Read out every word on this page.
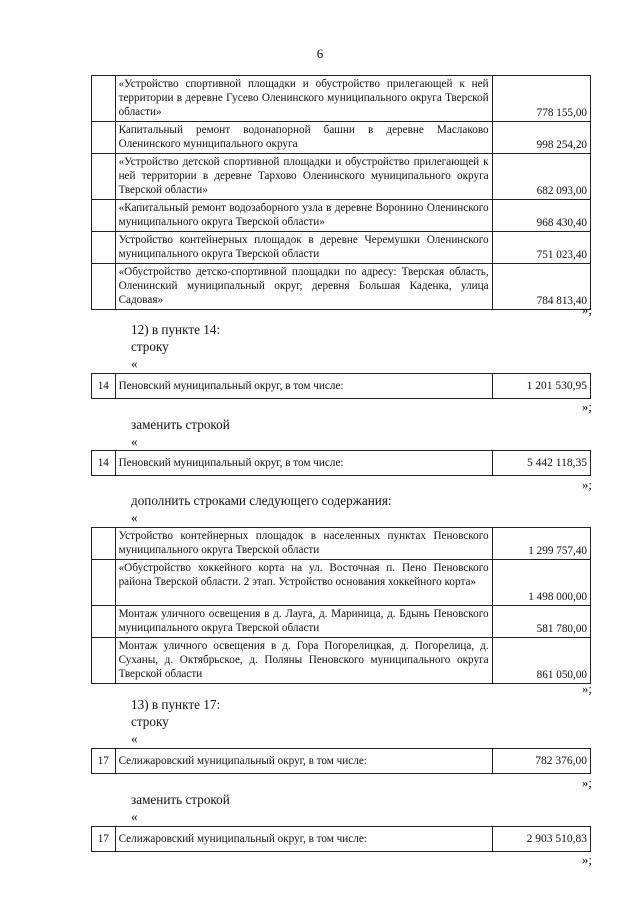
6
	«Устройство спортивной площадки и обустройство прилегающей к ней территории в деревне Гусево Оленинского муниципального округа Тверской области»	778 155,00
	Капитальный ремонт водонапорной башни в деревне Маслаково Оленинского муниципального округа	998 254,20
	«Устройство детской спортивной площадки и обустройство прилегающей к ней территории в деревне Тархово Оленинского муниципального округа Тверской области»	682 093,00
	«Капитальный ремонт водозаборного узла в деревне Воронино Оленинского муниципального округа Тверской области»	968 430,40
	Устройство контейнерных площадок в деревне Черемушки Оленинского муниципального округа Тверской области	751 023,40
	«Обустройство детско-спортивной площадки по адресу: Тверская область, Оленинский муниципальный округ, деревня Большая Каденка, улица Садовая»	784 813,40
»;
12) в пункте 14:
строку
«
14	Пеновский муниципальный округ, в том числе:	1 201 530,95
»;
заменить строкой
«
14	Пеновский муниципальный округ, в том числе:	5 442 118,35
»;
дополнить строками следующего содержания:
«
	Устройство контейнерных площадок в населенных пунктах Пеновского муниципального округа Тверской области	1 299 757,40
	«Обустройство хоккейного корта на ул. Восточная п. Пено Пеновского района Тверской области. 2 этап. Устройство основания хоккейного корта»	1 498 000,00
	Монтаж уличного освещения в д. Лауга, д. Мариница, д. Бдынь Пеновского муниципального округа Тверской области	581 780,00
	Монтаж уличного освещения в д. Гора Погорелицкая, д. Погорелица, д. Суханы, д. Октябрьское, д. Поляны Пеновского муниципального округа Тверской области	861 050,00
»;
13) в пункте 17:
строку
«
17	Селижаровский муниципальный округ, в том числе:	782 376,00
»;
заменить строкой
«
17	Селижаровский муниципальный округ, в том числе:	2 903 510,83
»;
